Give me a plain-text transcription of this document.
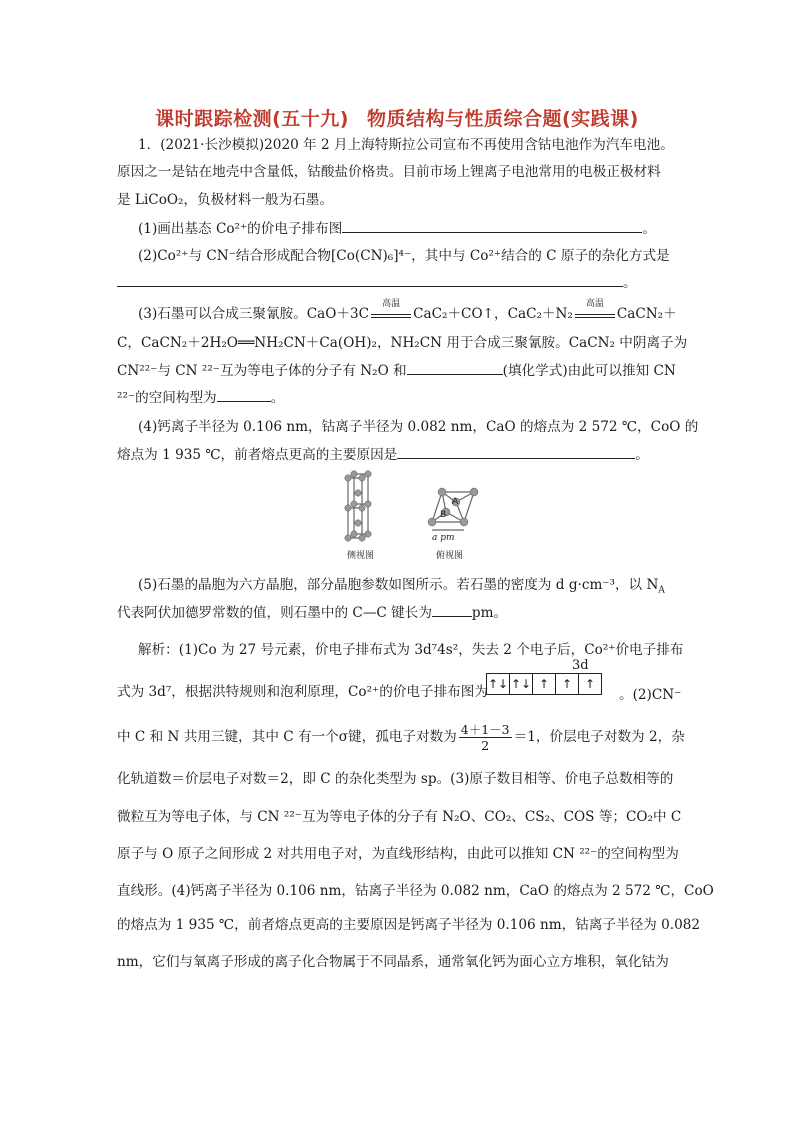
课时跟踪检测(五十九) 物质结构与性质综合题(实践课)
1．(2021·长沙模拟)2020 年 2 月上海特斯拉公司宣布不再使用含钴电池作为汽车电池。
原因之一是钴在地壳中含量低，钴酸盐价格贵。目前市场上锂离子电池常用的电极正极材料
是 LiCoO₂，负极材料一般为石墨。
(1)画出基态 Co²⁺的价电子排布图	。
(2)Co²⁺与 CN⁻结合形成配合物[Co(CN)₆]⁴⁻，其中与 Co²⁺结合的 C 原子的杂化方式是
。
(3)石墨可以合成三聚氰胺。CaO＋3C
高温
CaC₂＋CO↑，CaC₂＋N₂
高温
CaCN₂＋
C，CaCN₂＋2H₂O══NH₂CN＋Ca(OH)₂，NH₂CN 用于合成三聚氰胺。CaCN₂ 中阴离子为
CN²²⁻与 CN ²²⁻互为等电子体的分子有 N₂O 和	(填化学式)由此可以推知 CN
²²⁻的空间构型为	。
(4)钙离子半径为 0.106 nm，钴离子半径为 0.082 nm，CaO 的熔点为 2 572 ℃，CoO 的
熔点为 1 935 ℃，前者熔点更高的主要原因是	。
A
B
a pm
侧视图	俯视图
(5)石墨的晶胞为六方晶胞，部分晶胞参数如图所示。若石墨的密度为 d g·cm⁻³，以 $N_A$
代表阿伏加德罗常数的值，则石墨中的 C—C 键长为	pm。
解析：(1)Co 为 27 号元素，价电子排布式为 3d⁷4s²，失去 2 个电子后，Co²⁺价电子排布
3d
式为 3d⁷，根据洪特规则和泡利原理，Co²⁺的价电子排布图为 ↑↓ ↑↓ ↑ ↑ ↑
。(2)CN⁻
中 C 和 N 共用三键，其中 C 有一个σ键，孤电子对数为 $\frac{4+1-3}{2} =1$，价层电子对数为 2，杂
化轨道数＝价层电子对数＝2，即 C 的杂化类型为 sp。(3)原子数目相等、价电子总数相等的
微粒互为等电子体，与 CN ²²⁻互为等电子体的分子有 N₂O、CO₂、CS₂、COS 等；CO₂中 C
原子与 O 原子之间形成 2 对共用电子对，为直线形结构，由此可以推知 CN ²²⁻的空间构型为
直线形。(4)钙离子半径为 0.106 nm，钴离子半径为 0.082 nm，CaO 的熔点为 2 572 ℃，CoO
的熔点为 1 935 ℃，前者熔点更高的主要原因是钙离子半径为 0.106 nm，钴离子半径为 0.082
nm，它们与氧离子形成的离子化合物属于不同晶系，通常氧化钙为面心立方堆积，氧化钴为
